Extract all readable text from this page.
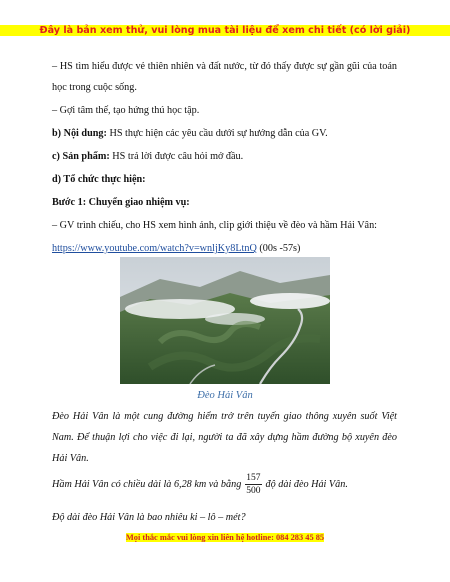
Đây là bản xem thử, vui lòng mua tài liệu để xem chi tiết (có lời giải)

– HS tìm hiểu được vẻ thiên nhiên và đất nước, từ đó thấy được sự gần gũi của toán học trong cuộc sống.

– Gợi tâm thế, tạo hứng thú học tập.

b) Nội dung: HS thực hiện các yêu cầu dưới sự hướng dẫn của GV.

c) Sản phẩm: HS trả lời được câu hỏi mở đầu.

d) Tổ chức thực hiện:

Bước 1: Chuyển giao nhiệm vụ:

– GV trình chiếu, cho HS xem hình ảnh, clip giới thiệu về đèo và hầm Hải Vân:

https://www.youtube.com/watch?v=wnljKy8LtnQ (00s -57s)

Đèo Hải Vân

Đèo Hải Vân là một cung đường hiểm trở trên tuyến giao thông xuyên suốt Việt Nam. Để thuận lợi cho việc đi lại, người ta đã xây dựng hầm đường bộ xuyên đèo Hải Vân.

Hầm Hải Vân có chiều dài là 6,28 km và bằng $\frac{157}{500}$ độ dài đèo Hải Vân.

Độ dài đèo Hải Vân là bao nhiêu ki – lô – mét?

Mọi thắc mắc vui lòng xin liên hệ hotline: 084 283 45 85
